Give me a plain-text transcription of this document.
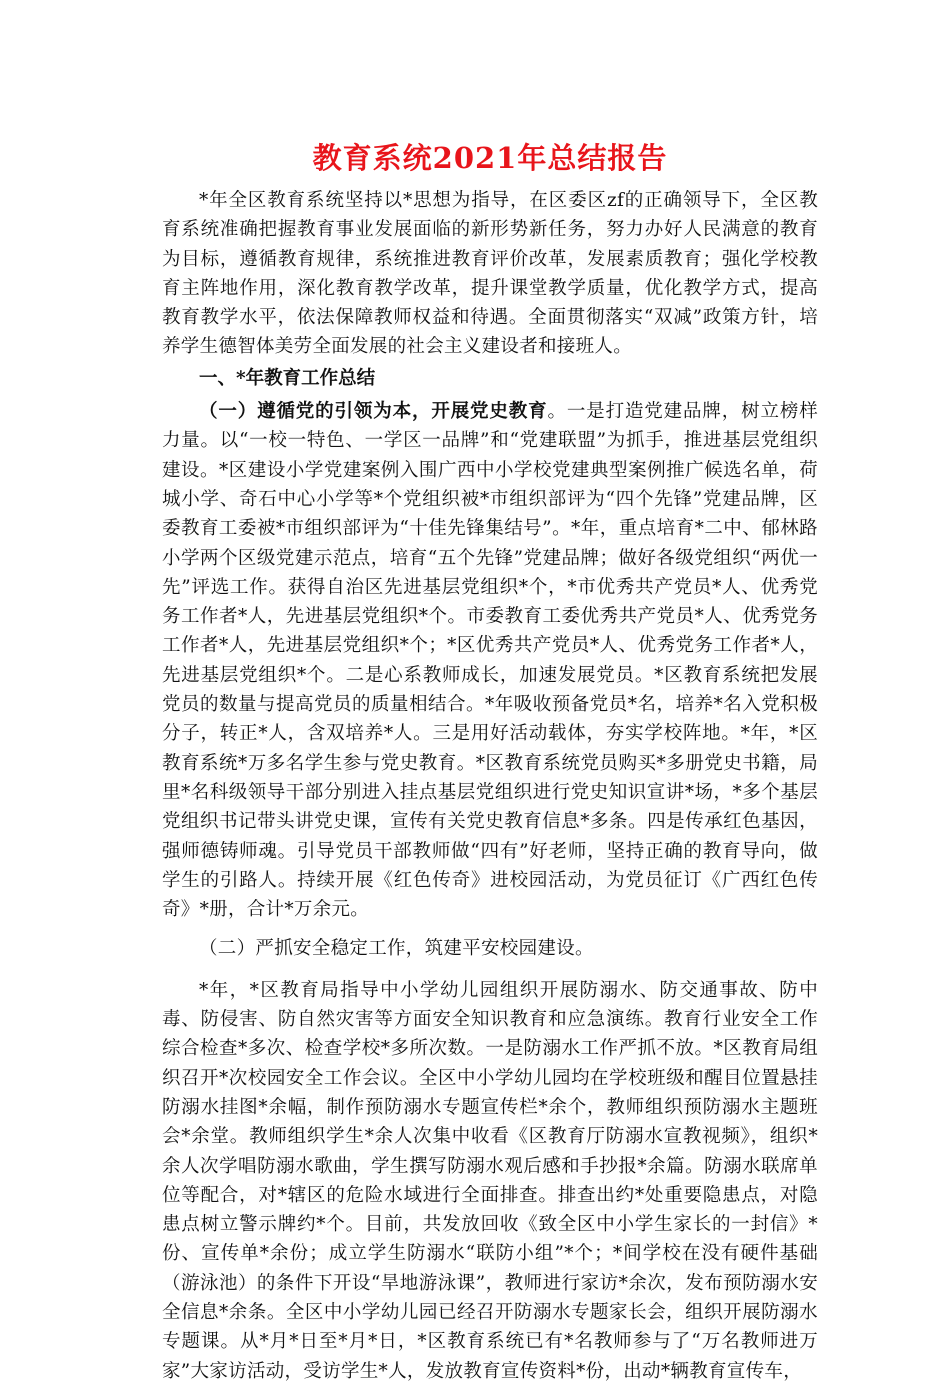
教育系统2021年总结报告

*年全区教育系统坚持以*思想为指导，在区委区zf的正确领导下，全区教育系统准确把握教育事业发展面临的新形势新任务，努力办好人民满意的教育为目标，遵循教育规律，系统推进教育评价改革，发展素质教育；强化学校教育主阵地作用，深化教育教学改革，提升课堂教学质量，优化教学方式，提高教育教学水平，依法保障教师权益和待遇。全面贯彻落实“双减”政策方针，培养学生德智体美劳全面发展的社会主义建设者和接班人。

一、*年教育工作总结

（一）遵循党的引领为本，开展党史教育。一是打造党建品牌，树立榜样力量。以“一校一特色、一学区一品牌”和“党建联盟”为抓手，推进基层党组织建设。*区建设小学党建案例入围广西中小学校党建典型案例推广候选名单，荷城小学、奇石中心小学等*个党组织被*市组织部评为“四个先锋”党建品牌，区委教育工委被*市组织部评为“十佳先锋集结号”。*年，重点培育*二中、郁林路小学两个区级党建示范点，培育“五个先锋”党建品牌；做好各级党组织“两优一先”评选工作。获得自治区先进基层党组织*个，*市优秀共产党员*人、优秀党务工作者*人，先进基层党组织*个。市委教育工委优秀共产党员*人、优秀党务工作者*人，先进基层党组织*个；*区优秀共产党员*人、优秀党务工作者*人，先进基层党组织*个。二是心系教师成长，加速发展党员。*区教育系统把发展党员的数量与提高党员的质量相结合。*年吸收预备党员*名，培养*名入党积极分子，转正*人，含双培养*人。三是用好活动载体，夯实学校阵地。*年，*区教育系统*万多名学生参与党史教育。*区教育系统党员购买*多册党史书籍，局里*名科级领导干部分别进入挂点基层党组织进行党史知识宣讲*场，*多个基层党组织书记带头讲党史课，宣传有关党史教育信息*多条。四是传承红色基因，强师德铸师魂。引导党员干部教师做“四有”好老师，坚持正确的教育导向，做学生的引路人。持续开展《红色传奇》进校园活动，为党员征订《广西红色传奇》*册，合计*万余元。

（二）严抓安全稳定工作，筑建平安校园建设。

*年，*区教育局指导中小学幼儿园组织开展防溺水、防交通事故、防中毒、防侵害、防自然灾害等方面安全知识教育和应急演练。教育行业安全工作综合检查*多次、检查学校*多所次数。一是防溺水工作严抓不放。*区教育局组织召开*次校园安全工作会议。全区中小学幼儿园均在学校班级和醒目位置悬挂防溺水挂图*余幅，制作预防溺水专题宣传栏*余个，教师组织预防溺水主题班会*余堂。教师组织学生*余人次集中收看《区教育厅防溺水宣教视频》，组织*余人次学唱防溺水歌曲，学生撰写防溺水观后感和手抄报*余篇。防溺水联席单位等配合，对*辖区的危险水域进行全面排查。排查出约*处重要隐患点，对隐患点树立警示牌约*个。目前，共发放回收《致全区中小学生家长的一封信》*份、宣传单*余份；成立学生防溺水“联防小组”*个；*间学校在没有硬件基础（游泳池）的条件下开设“旱地游泳课”，教师进行家访*余次，发布预防溺水安全信息*余条。全区中小学幼儿园已经召开防溺水专题家长会，组织开展防溺水专题课。从*月*日至*月*日，*区教育系统已有*名教师参与了“万名教师进万家”大家访活动，受访学生*人，发放教育宣传资料*份，出动*辆教育宣传车，
